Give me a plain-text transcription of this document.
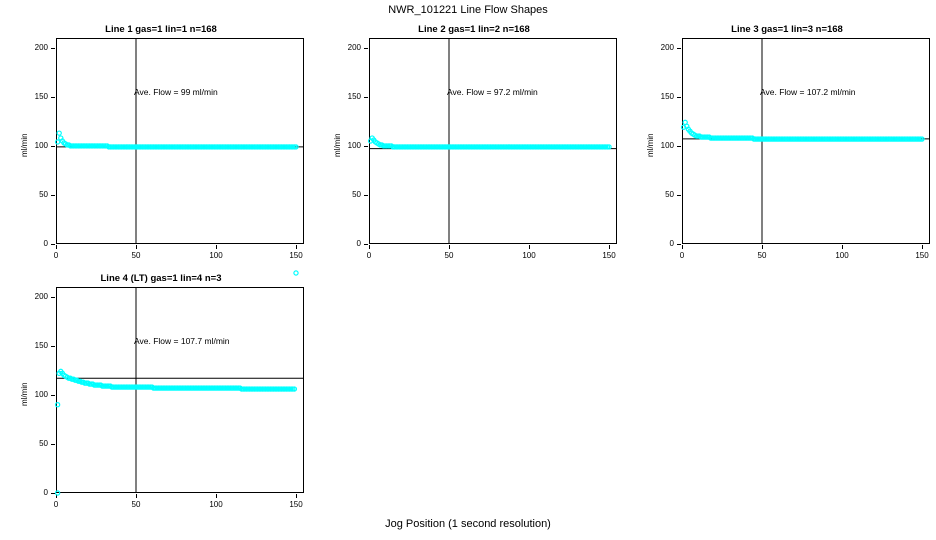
NWR_101221 Line Flow Shapes
Jog Position (1 second resolution)
Line 1 gas=1 lin=1 n=168
0
50
100
150
200
0	50	100	150
ml/min
Ave. Flow = 99 ml/min
Line 2 gas=1 lin=2 n=168
0
50
100
150
200
0	50	100	150
ml/min
Ave. Flow = 97.2 ml/min
Line 3 gas=1 lin=3 n=168
0
50
100
150
200
0	50	100	150
ml/min
Ave. Flow = 107.2 ml/min
Line 4 (LT) gas=1 lin=4 n=3
0
50
100
150
200
0	50	100	150
ml/min
Ave. Flow = 107.7 ml/min
